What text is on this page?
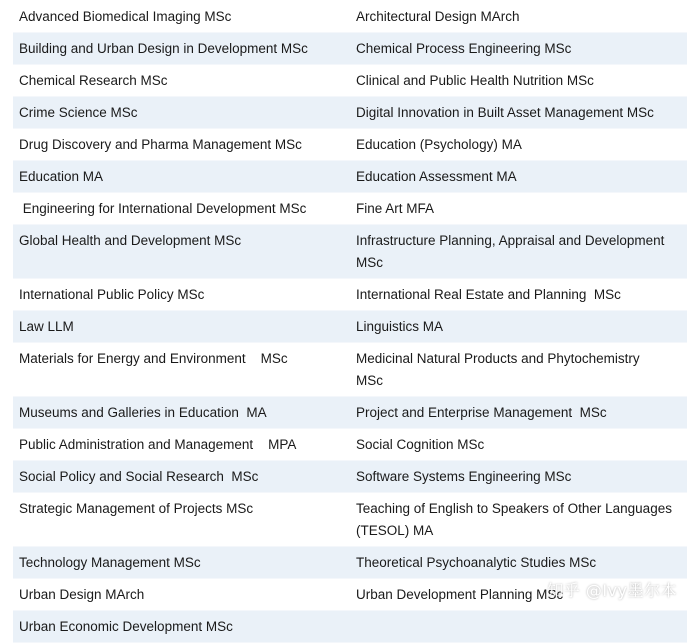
Advanced Biomedical Imaging MSc	Architectural Design MArch
Building and Urban Design in Development MSc	Chemical Process Engineering MSc
Chemical Research MSc	Clinical and Public Health Nutrition MSc
Crime Science MSc	Digital Innovation in Built Asset Management MSc
Drug Discovery and Pharma Management MSc	Education (Psychology) MA
Education MA	Education Assessment MA
Engineering for International Development MSc	Fine Art MFA
Global Health and Development MSc	Infrastructure Planning, Appraisal and Development MSc
International Public Policy MSc	International Real Estate and Planning  MSc
Law LLM	Linguistics MA
Materials for Energy and Environment    MSc	Medicinal Natural Products and Phytochemistry  MSc
Museums and Galleries in Education  MA	Project and Enterprise Management  MSc
Public Administration and Management    MPA	Social Cognition MSc
Social Policy and Social Research  MSc	Software Systems Engineering MSc
Strategic Management of Projects MSc	Teaching of English to Speakers of Other Languages (TESOL) MA
Technology Management MSc	Theoretical Psychoanalytic Studies MSc
Urban Design MArch	Urban Development Planning MSc
Urban Economic Development MSc	
知乎 @Ivy墨尔本
